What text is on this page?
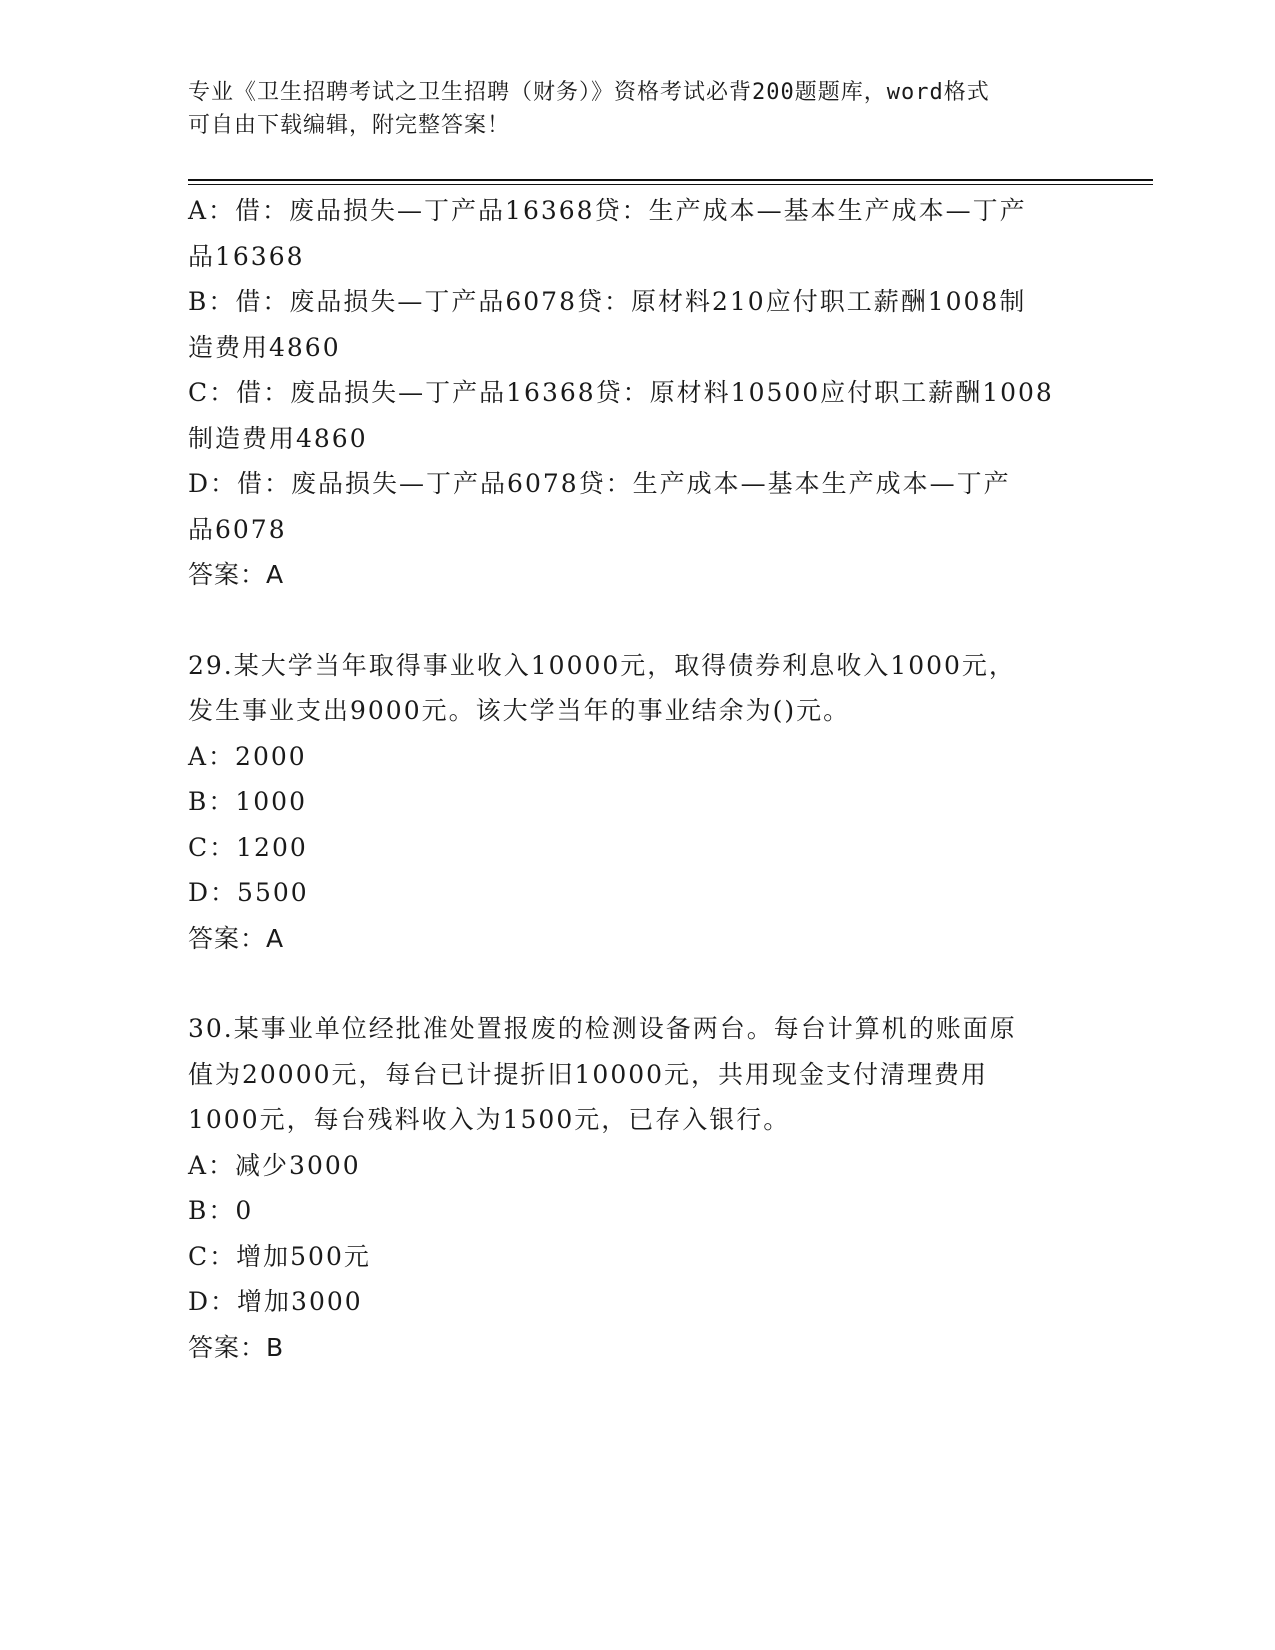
专业《卫生招聘考试之卫生招聘（财务）》资格考试必背200题题库，word格式
可自由下载编辑，附完整答案！
A：借：废品损失—丁产品16368贷：生产成本—基本生产成本—丁产
品16368
B：借：废品损失—丁产品6078贷：原材料210应付职工薪酬1008制
造费用4860
C：借：废品损失—丁产品16368贷：原材料10500应付职工薪酬1008
制造费用4860
D：借：废品损失—丁产品6078贷：生产成本—基本生产成本—丁产
品6078
答案：A
29.某大学当年取得事业收入10000元，取得债券利息收入1000元，
发生事业支出9000元。该大学当年的事业结余为()元。
A：2000
B：1000
C：1200
D：5500
答案：A
30.某事业单位经批准处置报废的检测设备两台。每台计算机的账面原
值为20000元，每台已计提折旧10000元，共用现金支付清理费用
1000元，每台残料收入为1500元，已存入银行。
A：减少3000
B：0
C：增加500元
D：增加3000
答案：B
